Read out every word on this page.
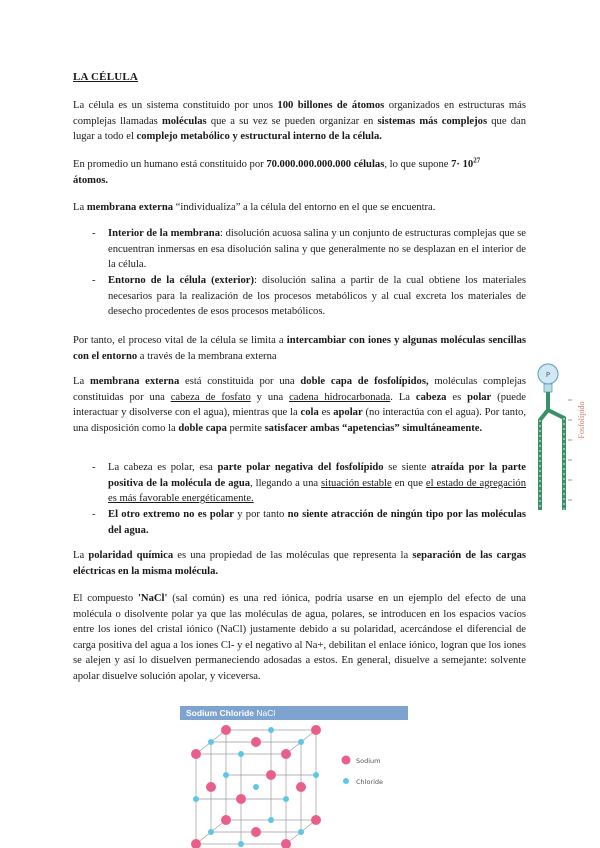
LA CÉLULA

La célula es un sistema constituido por unos 100 billones de átomos organizados en estructuras más complejas llamadas moléculas que a su vez se pueden organizar en sistemas más complejos que dan lugar a todo el complejo metabólico y estructural interno de la célula.

En promedio un humano está constituido por 70.000.000.000.000 células, lo que supone $7\cdot 10^{27}$
átomos.

La membrana externa “individualiza” a la célula del entorno en el que se encuentra.

-	Interior de la membrana: disolución acuosa salina y un conjunto de estructuras complejas que se encuentran inmersas en esa disolución salina y que generalmente no se desplazan en el interior de la célula.
-	Entorno de la célula (exterior): disolución salina a partir de la cual obtiene los materiales necesarios para la realización de los procesos metabólicos y al cual excreta los materiales de desecho procedentes de esos procesos metabólicos.

Por tanto, el proceso vital de la célula se limita a intercambiar con iones y algunas moléculas sencillas con el entorno a través de la membrana externa

La membrana externa está constituida por una doble capa de fosfolípidos, moléculas complejas constituidas por una cabeza de fosfato y una cadena hidrocarbonada. La cabeza es polar (puede interactuar y disolverse con el agua), mientras que la cola es apolar (no interactúa con el agua). Por tanto, una disposición como la doble capa permite satisfacer ambas “apetencias” simultáneamente.

-	La cabeza es polar, esa parte polar negativa del fosfolípido se siente atraída por la parte positiva de la molécula de agua, llegando a una situación estable en que el estado de agregación es más favorable energéticamente.
-	El otro extremo no es polar y por tanto no siente atracción de ningún tipo por las moléculas del agua.

La polaridad química es una propiedad de las moléculas que representa la separación de las cargas eléctricas en la misma molécula.

El compuesto 'NaCl' (sal común) es una red iónica, podría usarse en un ejemplo del efecto de una molécula o disolvente polar ya que las moléculas de agua, polares, se introducen en los espacios vacíos entre los iones del cristal iónico (NaCl) justamente debido a su polaridad, acercándose el diferencial de carga positiva del agua a los iones Cl- y el negativo al Na+, debilitan el enlace iónico, logran que los iones se alejen y así lo disuelven permaneciendo adosadas a estos. En general, disuelve a semejante: solvente apolar disuelve solución apolar, y viceversa.

P
Fosfolípido
Sodium Chloride NaCl
Sodium
Chloride
